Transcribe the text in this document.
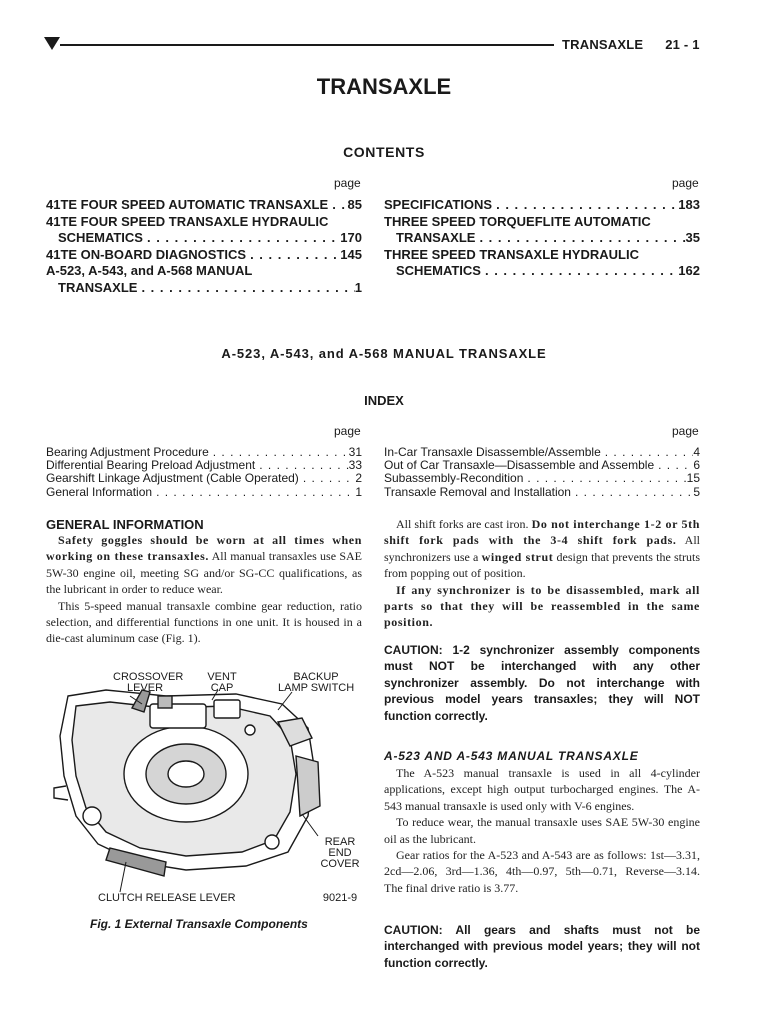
TRANSAXLE 21 - 1
TRANSAXLE
CONTENTS
page	page
41TE FOUR SPEED AUTOMATIC TRANSAXLE . . . 85
41TE FOUR SPEED TRANSAXLE HYDRAULIC
SCHEMATICS . . .	170
41TE ON-BOARD DIAGNOSTICS . . .	145
A-523, A-543, and A-568 MANUAL
TRANSAXLE . . .	1
SPECIFICATIONS . . .	183
THREE SPEED TORQUEFLITE AUTOMATIC
TRANSAXLE . . .	35
THREE SPEED TRANSAXLE HYDRAULIC
SCHEMATICS . . .	162
A-523, A-543, and A-568 MANUAL TRANSAXLE
INDEX
page	page
Bearing Adjustment Procedure . . .	31
Differential Bearing Preload Adjustment . . .	33
Gearshift Linkage Adjustment (Cable Operated) . . .	2
General Information . . .	1
In-Car Transaxle Disassemble/Assemble . . .	4
Out of Car Transaxle—Disassemble and Assemble . . .	6
Subassembly-Recondition . . .	15
Transaxle Removal and Installation . . .	5
GENERAL INFORMATION

Safety goggles should be worn at all times when working on these transaxles. All manual transaxles use SAE 5W-30 engine oil, meeting SG and/or SG-CC qualifications, as the lubricant in order to reduce wear.

This 5-speed manual transaxle combine gear reduction, ratio selection, and differential functions in one unit. It is housed in a die-cast aluminum case (Fig. 1).

CROSSOVER
LEVER
VENT
CAP
BACKUP
LAMP SWITCH
REAR
END
COVER
CLUTCH RELEASE LEVER	9021-9
Fig. 1 External Transaxle Components

All shift forks are cast iron. Do not interchange 1-2 or 5th shift fork pads with the 3-4 shift fork pads. All synchronizers use a winged strut design that prevents the struts from popping out of position.

If any synchronizer is to be disassembled, mark all parts so that they will be reassembled in the same position.

CAUTION: 1-2 synchronizer assembly components must NOT be interchanged with any other synchronizer assembly. Do not interchange with previous model years transaxles; they will NOT function correctly.
A-523 AND A-543 MANUAL TRANSAXLE

The A-523 manual transaxle is used in all 4-cylinder applications, except high output turbocharged engines. The A-543 manual transaxle is used only with V-6 engines.

To reduce wear, the manual transaxle uses SAE 5W-30 engine oil as the lubricant.

Gear ratios for the A-523 and A-543 are as follows: 1st—3.31, 2cd—2.06, 3rd—1.36, 4th—0.97, 5th—0.71, Reverse—3.14. The final drive ratio is 3.77.

CAUTION: All gears and shafts must not be interchanged with previous model years; they will not function correctly.
